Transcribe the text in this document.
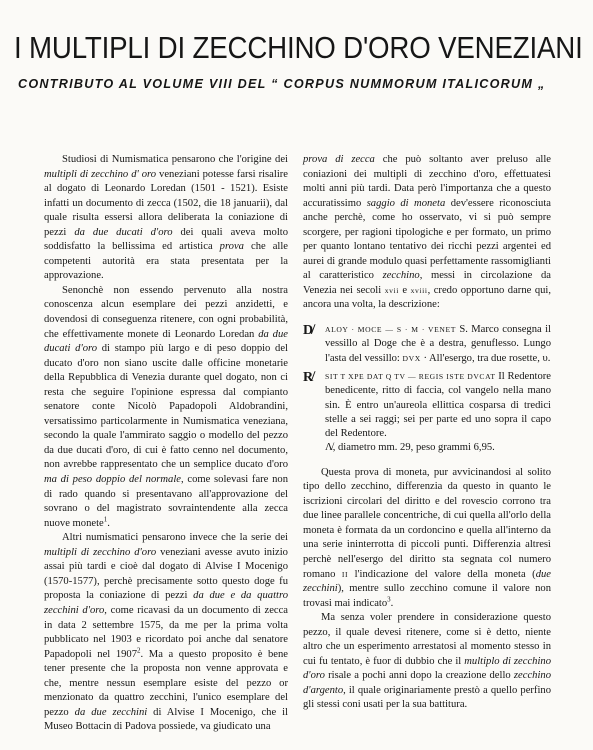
I MULTIPLI DI ZECCHINO D'ORO VENEZIANI
CONTRIBUTO AL VOLUME VIII DEL “ CORPUS NUMMORUM ITALICORUM „

Studiosi di Numismatica pensarono che l'origine dei multipli di zecchino d' oro veneziani potesse farsi risalire al dogato di Leonardo Loredan (1501 - 1521). Esiste infatti un documento di zecca (1502, die 18 januarii), dal quale risulta essersi allora deliberata la coniazione di pezzi da due ducati d'oro dei quali aveva molto soddisfatto la bellissima ed artistica prova che alle competenti autorità era stata presentata per la approvazione.

Senonchè non essendo pervenuto alla nostra conoscenza alcun esemplare dei pezzi anzidetti, e dovendosi di conseguenza ritenere, con ogni probabilità, che effettivamente monete di Leonardo Loredan da due ducati d'oro di stampo più largo e di peso doppio del ducato d'oro non siano uscite dalle officine monetarie della Repubblica di Venezia durante quel dogato, non ci resta che seguire l'opinione espressa dal compianto senatore conte Nicolò Papadopoli Aldobrandini, versatissimo particolarmente in Numismatica veneziana, secondo la quale l'ammirato saggio o modello del pezzo da due ducati d'oro, di cui è fatto cenno nel documento, non avrebbe rappresentato che un semplice ducato d'oro ma di peso doppio del normale, come solevasi fare non di rado quando si presentavano all'approvazione del sovrano o del magistrato sovraintendente alla zecca nuove monete$^1$.

Altri numismatici pensarono invece che la serie dei multipli di zecchino d'oro veneziani avesse avuto inizio assai più tardi e cioè dal dogato di Alvise I Mocenigo (1570-1577), perchè precisamente sotto questo doge fu proposta la coniazione di pezzi da due e da quattro zecchini d'oro, come ricavasi da un documento di zecca in data 2 settembre 1575, da me per la prima volta pubblicato nel 1903 e ricordato poi anche dal senatore Papadopoli nel 1907$^2$. Ma a questo proposito è bene tener presente che la proposta non venne approvata e che, mentre nessun esemplare esiste del pezzo or menzionato da quattro zecchini, l'unico esemplare del pezzo da due zecchini di Alvise I Mocenigo, che il Museo Bottacin di Padova possiede, va giudicato una

prova di zecca che può soltanto aver preluso alle coniazioni dei multipli di zecchino d'oro, effettuatesi molti anni più tardi. Data però l'importanza che a questo accuratissimo saggio di moneta dev'essere riconosciuta anche perchè, come ho osservato, vi si può sempre scorgere, per ragioni tipologiche e per formato, un primo per quanto lontano tentativo dei ricchi pezzi argentei ed aurei di grande modulo quasi perfettamente rassomiglianti al caratteristico zecchino, messi in circolazione da Venezia nei secoli xvii e xviii, credo opportuno darne qui, ancora una volta, la descrizione:

D̸	ALOY · MOCE — S · M · VENET S. Marco consegna il vessillo al Doge che è a destra, genuflesso. Lungo l'asta del vessillo: DVX · All'esergo, tra due rosette, υ.
R̸	SIT T XPE DAT Q TV — REGIS ISTE DVCAT Il Redentore benedicente, ritto di faccia, col vangelo nella mano sin. È entro un'aureola ellittica cosparsa di tredici stelle a sei raggi; sei per parte ed uno sopra il capo del Redentore.
Λ̸, diametro mm. 29, peso grammi 6,95.

Questa prova di moneta, pur avvicinandosi al solito tipo dello zecchino, differenzia da questo in quanto le iscrizioni circolari del diritto e del rovescio corrono tra due linee parallele concentriche, di cui quella all'orlo della moneta è formata da un cordoncino e quella all'interno da una serie ininterrotta di piccoli punti. Differenzia altresì perchè nell'esergo del diritto sta segnata col numero romano II l'indicazione del valore della moneta (due zecchini), mentre sullo zecchino comune il valore non trovasi mai indicato$^3$.

Ma senza voler prendere in considerazione questo pezzo, il quale devesi ritenere, come si è detto, niente altro che un esperimento arrestatosi al momento stesso in cui fu tentato, è fuor di dubbio che il multiplo di zecchino d'oro risale a pochi anni dopo la creazione dello zecchino d'argento, il quale originariamente prestò a quello perfino gli stessi coni usati per la sua battitura.
